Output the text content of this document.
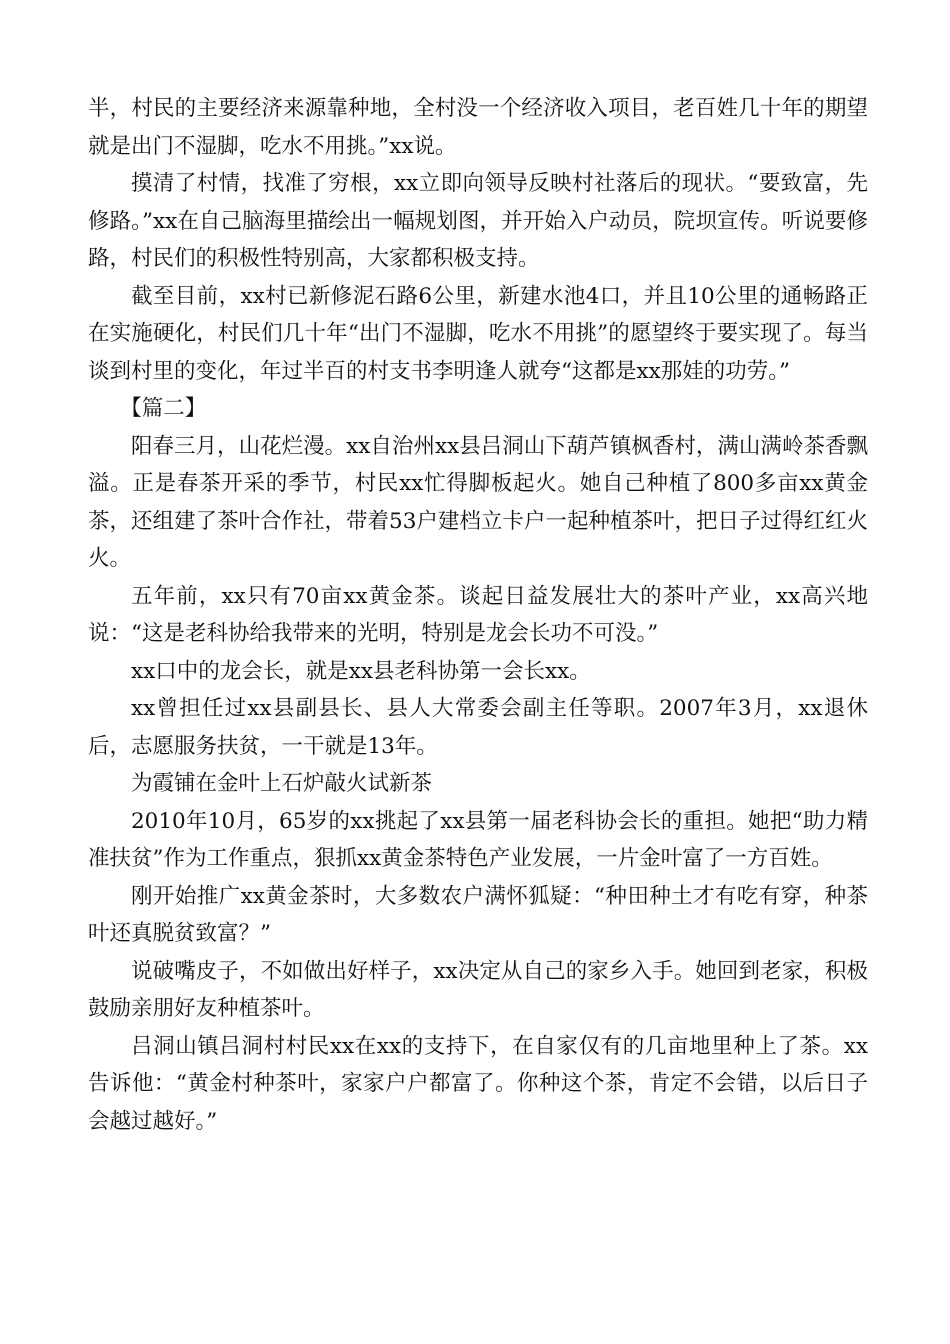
半，村民的主要经济来源靠种地，全村没一个经济收入项目，老百姓几十年的期望就是出门不湿脚，吃水不用挑。”xx说。

摸清了村情，找准了穷根，xx立即向领导反映村社落后的现状。“要致富，先修路。”xx在自己脑海里描绘出一幅规划图，并开始入户动员，院坝宣传。听说要修路，村民们的积极性特别高，大家都积极支持。

截至目前，xx村已新修泥石路6公里，新建水池4口，并且10公里的通畅路正在实施硬化，村民们几十年“出门不湿脚，吃水不用挑”的愿望终于要实现了。每当谈到村里的变化，年过半百的村支书李明逢人就夸“这都是xx那娃的功劳。”

【篇二】

阳春三月，山花烂漫。xx自治州xx县吕洞山下葫芦镇枫香村，满山满岭茶香飘溢。正是春茶开采的季节，村民xx忙得脚板起火。她自己种植了800多亩xx黄金茶，还组建了茶叶合作社，带着53户建档立卡户一起种植茶叶，把日子过得红红火火。

五年前，xx只有70亩xx黄金茶。谈起日益发展壮大的茶叶产业，xx高兴地说：“这是老科协给我带来的光明，特别是龙会长功不可没。”

xx口中的龙会长，就是xx县老科协第一会长xx。

xx曾担任过xx县副县长、县人大常委会副主任等职。2007年3月，xx退休后，志愿服务扶贫，一干就是13年。

为霞铺在金叶上石炉敲火试新茶

2010年10月，65岁的xx挑起了xx县第一届老科协会长的重担。她把“助力精准扶贫”作为工作重点，狠抓xx黄金茶特色产业发展，一片金叶富了一方百姓。

刚开始推广xx黄金茶时，大多数农户满怀狐疑：“种田种土才有吃有穿，种茶叶还真脱贫致富？”

说破嘴皮子，不如做出好样子，xx决定从自己的家乡入手。她回到老家，积极鼓励亲朋好友种植茶叶。

吕洞山镇吕洞村村民xx在xx的支持下，在自家仅有的几亩地里种上了茶。xx告诉他：“黄金村种茶叶，家家户户都富了。你种这个茶，肯定不会错，以后日子会越过越好。”
